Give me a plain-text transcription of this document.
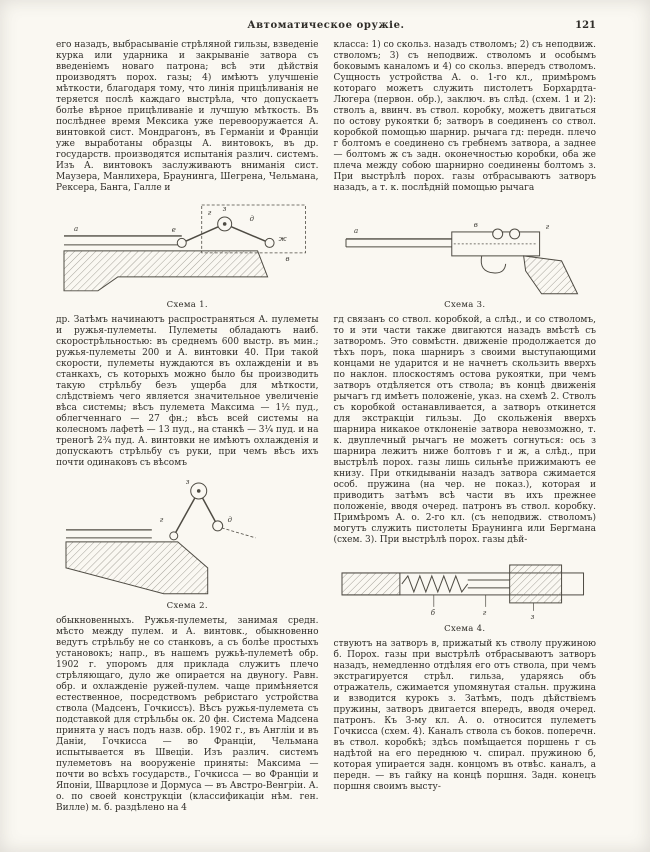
Автоматическое оружіе.	121

его назадъ, выбрасываніе стрѣляной гильзы, взведеніе курка или ударника и закрываніе затвора съ введеніемъ новаго патрона; всѣ эти дѣйствія производятъ порох. газы; 4) имѣютъ улучшеніе мѣткости, благодаря тому, что линія прицѣливанія не теряется послѣ каждаго выстрѣла, что допускаетъ болѣе вѣрное прицѣливаніе и лучшую мѣткость. Въ послѣднее время Мексика уже перевооружается А. винтовкой сист. Мондрагонъ, въ Германіи и Франціи уже выработаны образцы А. винтовокъ, въ др. государств. производятся испытанія различ. системъ. Изъ А. винтовокъ заслуживаютъ вниманія сист. Маузера, Манлихера, Браунинга, Шегрена, Чельмана, Рексера, Банга, Галле и

г з
д
е
ж
в
а
Схема 1.

др. Затѣмъ начинаютъ распространяться А. пулеметы и ружья-пулеметы. Пулеметы обладаютъ наиб. скорострѣльностью: въ среднемъ 600 выстр. въ мин.; ружья-пулеметы 200 и А. винтовки 40. При такой скорости, пулеметы нуждаются въ охлажденіи и въ станкахъ, съ которыхъ можно было бы производить такую стрѣльбу безъ ущерба для мѣткости, слѣдствіемъ чего является значительное увеличеніе вѣса системы; вѣсъ пулемета Максима — 1½ пуд., облегченнаго — 27 фн.; вѣсъ всей системы на колесномъ лафетѣ — 13 пуд., на станкѣ — 3¼ пуд. и на треногѣ 2¾ пуд. А. винтовки не имѣютъ охлажденія и допускаютъ стрѣльбу съ руки, при чемъ вѣсъ ихъ почти одинаковъ съ вѣсомъ

з
г	д
Схема 2.

обыкновенныхъ. Ружья-пулеметы, занимая средн. мѣсто между пулем. и А. винтовк., обыкновенно ведутъ стрѣльбу не со станковъ, а съ болѣе простыхъ установокъ; напр., въ нашемъ ружьѣ-пулеметѣ обр. 1902 г. упоромъ для приклада служитъ плечо стрѣляющаго, дуло же опирается на двуногу. Равн. обр. и охлажденіе ружей-пулем. чаще примѣняется естественное, посредствомъ ребристаго устройства ствола (Мадсенъ, Гочкиссъ). Вѣсъ ружья-пулемета съ подставкой для стрѣльбы ок. 20 фн. Система Мадсена принята у насъ подъ назв. обр. 1902 г., въ Англіи и въ Даніи, Гочкисса — во Франціи, Чельмана испытывается въ Швеціи. Изъ различ. системъ пулеметовъ на вооруженіе приняты: Максима — почти во всѣхъ государств., Гочкисса — во Франціи и Японіи, Шварцлозе и Дормуса — въ Австро-Венгріи. А. о. по своей конструкціи (классификаціи нѣм. ген. Вилле) м. б. раздѣлено на 4

класса: 1) со скольз. назадъ стволомъ; 2) съ неподвиж. стволомъ; 3) съ неподвиж. стволомъ и особымъ боковымъ каналомъ и 4) со скольз. впередъ стволомъ. Сущность устройства А. о. 1-го кл., примѣромъ котораго можетъ служить пистолетъ Борхардта-Люгера (первон. обр.), заключ. въ слѣд. (схем. 1 и 2): стволъ а, ввинч. въ ствол. коробку, можетъ двигаться по остову рукоятки б; затворъ в соединенъ со ствол. коробкой помощью шарнир. рычага гд: передн. плечо г болтомъ е соединено съ гребнемъ затвора, а заднее — болтомъ ж съ задн. оконечностью коробки, оба же плеча между собою шарнирно соединены болтомъ з. При выстрѣлѣ порох. газы отбрасываютъ затворъ назадъ, а т. к. послѣдній помощью рычага

а
в	г
Схема 3.

гд связанъ со ствол. коробкой, а слѣд., и со стволомъ, то и эти части также двигаются назадъ вмѣстѣ съ затворомъ. Это совмѣстн. движеніе продолжается до тѣхъ поръ, пока шарниръ з своими выступающими концами не ударится и не начнетъ скользить вверхъ по наклон. плоскостямъ остова рукоятки, при чемъ затворъ отдѣляется отъ ствола; въ концѣ движенія рычагъ гд имѣетъ положеніе, указ. на схемѣ 2. Стволъ съ коробкой останавливается, а затворъ откинется для экстракціи гильзы. До скольженія вверхъ шарнира никакое отклоненіе затвора невозможно, т. к. двуплечный рычагъ не можетъ согнуться: ось з шарнира лежитъ ниже болтовъ г и ж, а слѣд., при выстрѣлѣ порох. газы лишь сильнѣе прижимаютъ ее книзу. При откидываніи назадъ затвора сжимается особ. пружина (на чер. не показ.), которая и приводитъ затѣмъ всѣ части въ ихъ прежнее положеніе, вводя очеред. патронъ въ ствол. коробку. Примѣромъ А. о. 2-го кл. (съ неподвиж. стволомъ) могутъ служить пистолеты Браунинга или Бергмана (схем. 3). При выстрѣлѣ порох. газы дѣй-

б	г	з
Схема 4.

ствуютъ на затворъ в, прижатый къ стволу пружиною б. Порох. газы при выстрѣлѣ отбрасываютъ затворъ назадъ, немедленно отдѣляя его отъ ствола, при чемъ экстрагируется стрѣл. гильза, ударяясь объ отражатель, сжимается упомянутая стальн. пружина и взводится курокъ з. Затѣмъ, подъ дѣйствіемъ пружины, затворъ двигается впередъ, вводя очеред. патронъ. Къ 3-му кл. А. о. относится пулеметъ Гочкисса (схем. 4). Каналъ ствола съ боков. поперечн. въ ствол. коробкѣ; здѣсь помѣщается поршень г съ надѣтой на его переднюю ч. спирал. пружиною б, которая упирается задн. концомъ въ отвѣс. каналъ, а передн. — въ гайку на концѣ поршня. Задн. конецъ поршня своимъ высту-
